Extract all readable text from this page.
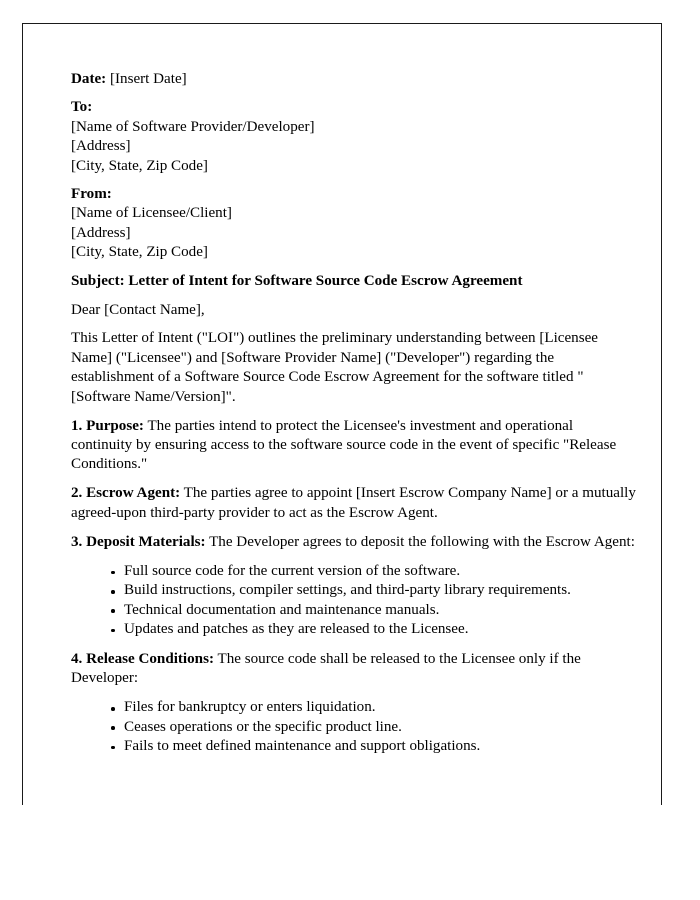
Date: [Insert Date]
To:
[Name of Software Provider/Developer]
[Address]
[City, State, Zip Code]
From:
[Name of Licensee/Client]
[Address]
[City, State, Zip Code]
Subject: Letter of Intent for Software Source Code Escrow Agreement
Dear [Contact Name],
This Letter of Intent ("LOI") outlines the preliminary understanding between [Licensee Name] ("Licensee") and [Software Provider Name] ("Developer") regarding the establishment of a Software Source Code Escrow Agreement for the software titled " [Software Name/Version]".
1. Purpose: The parties intend to protect the Licensee's investment and operational continuity by ensuring access to the software source code in the event of specific "Release Conditions."
2. Escrow Agent: The parties agree to appoint [Insert Escrow Company Name] or a mutually agreed-upon third-party provider to act as the Escrow Agent.
3. Deposit Materials: The Developer agrees to deposit the following with the Escrow Agent:
Full source code for the current version of the software.
Build instructions, compiler settings, and third-party library requirements.
Technical documentation and maintenance manuals.
Updates and patches as they are released to the Licensee.
4. Release Conditions: The source code shall be released to the Licensee only if the Developer:
Files for bankruptcy or enters liquidation.
Ceases operations or the specific product line.
Fails to meet defined maintenance and support obligations.
